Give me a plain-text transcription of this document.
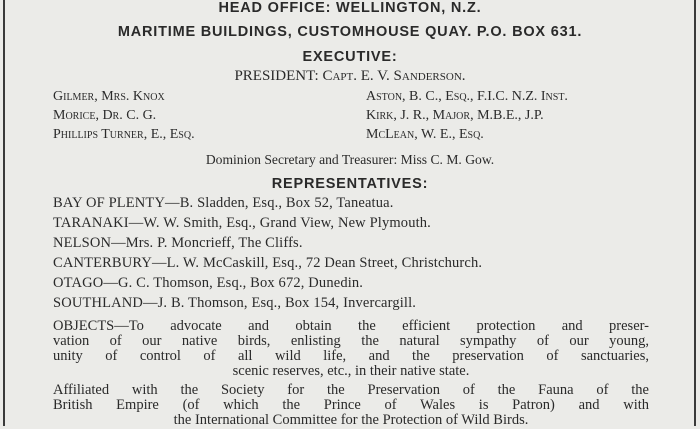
HEAD OFFICE: WELLINGTON, N.Z.
MARITIME BUILDINGS, CUSTOMHOUSE QUAY. P.O. BOX 631.
EXECUTIVE:
PRESIDENT: Capt. E. V. Sanderson.
Gilmer, Mrs. Knox
Morice, Dr. C. G.
Phillips Turner, E., Esq.
Aston, B. C., Esq., F.I.C. N.Z. Inst.
Kirk, J. R., Major, M.B.E., J.P.
McLean, W. E., Esq.
Dominion Secretary and Treasurer: Miss C. M. Gow.
REPRESENTATIVES:
BAY OF PLENTY—B. Sladden, Esq., Box 52, Taneatua.
TARANAKI—W. W. Smith, Esq., Grand View, New Plymouth.
NELSON—Mrs. P. Moncrieff, The Cliffs.
CANTERBURY—L. W. McCaskill, Esq., 72 Dean Street, Christchurch.
OTAGO—G. C. Thomson, Esq., Box 672, Dunedin.
SOUTHLAND—J. B. Thomson, Esq., Box 154, Invercargill.
OBJECTS—To advocate and obtain the efficient protection and preser-
vation of our native birds, enlisting the natural sympathy of our young,
unity of control of all wild life, and the preservation of sanctuaries,
scenic reserves, etc., in their native state.
Affiliated with the Society for the Preservation of the Fauna of the
British Empire (of which the Prince of Wales is Patron) and with
the International Committee for the Protection of Wild Birds.
